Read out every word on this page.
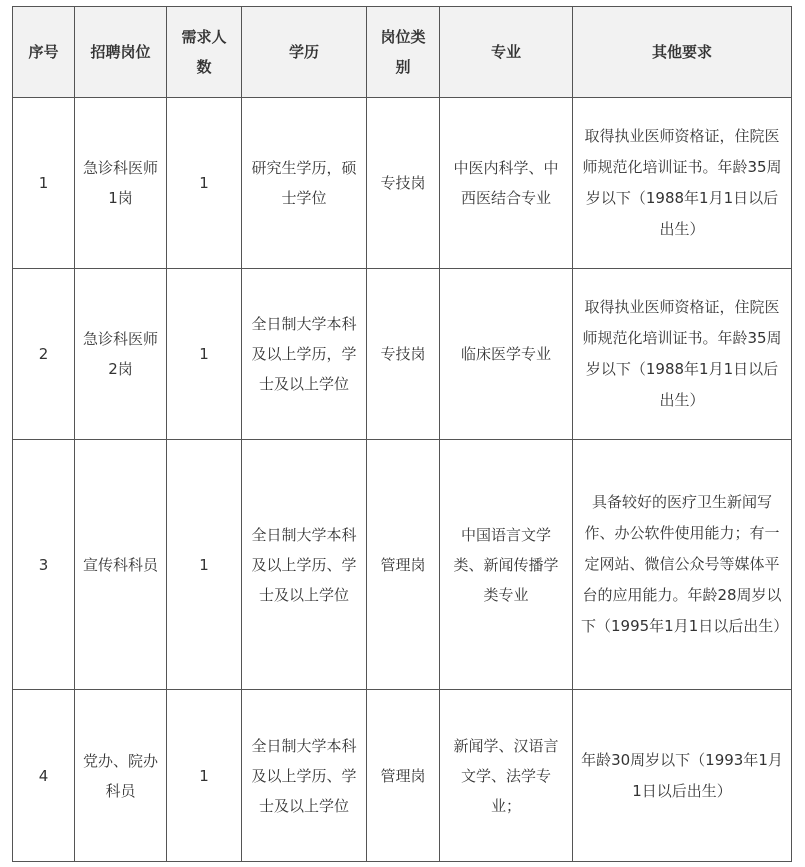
序号	招聘岗位	需求人数	学历	岗位类别	专业	其他要求
1	急诊科医师1岗	1	研究生学历，硕士学位	专技岗	中医内科学、中西医结合专业	取得执业医师资格证，住院医师规范化培训证书。年龄35周岁以下（1988年1月1日以后出生）
2	急诊科医师2岗	1	全日制大学本科及以上学历，学士及以上学位	专技岗	临床医学专业	取得执业医师资格证，住院医师规范化培训证书。年龄35周岁以下（1988年1月1日以后出生）
3	宣传科科员	1	全日制大学本科及以上学历、学士及以上学位	管理岗	中国语言文学类、新闻传播学类专业	具备较好的医疗卫生新闻写作、办公软件使用能力；有一定网站、微信公众号等媒体平台的应用能力。年龄28周岁以下（1995年1月1日以后出生）
4	党办、院办科员	1	全日制大学本科及以上学历、学士及以上学位	管理岗	新闻学、汉语言文学、法学专业；	年龄30周岁以下（1993年1月1日以后出生）
